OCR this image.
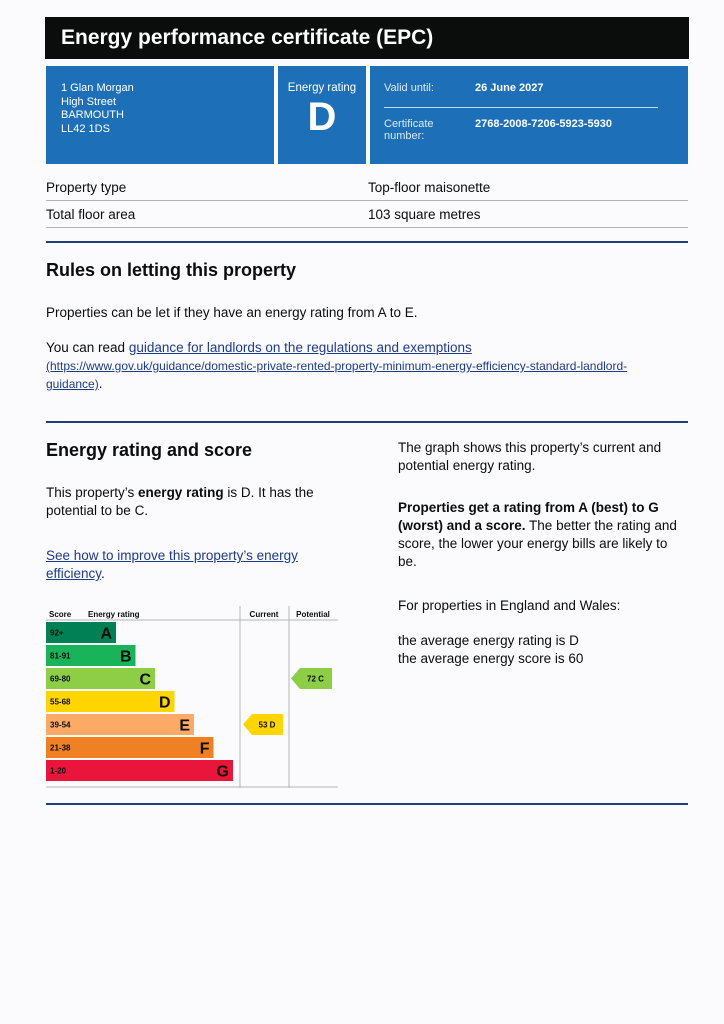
Energy performance certificate (EPC)
1 Glan Morgan
High Street
BARMOUTH
LL42 1DS
Energy rating
D
Valid until:	26 June 2027
Certificate number:
2768-2008-7206-5923-5930
Property type	Top-floor maisonette
Total floor area	103 square metres
Rules on letting this property
Properties can be let if they have an energy rating from A to E.
You can read guidance for landlords on the regulations and exemptions (https://www.gov.uk/guidance/domestic-private-rented-property-minimum-energy-efficiency-standard-landlord-guidance).
Energy rating and score
This property’s energy rating is D. It has the potential to be C.
See how to improve this property’s energy efficiency.
Score Energy rating	Current Potential
92+ A
81-91	B
69-80	C
55-68	D
39-54	E
21-38	F
1-20	G
53 D
72 C
The graph shows this property’s current and potential energy rating.
Properties get a rating from A (best) to G (worst) and a score. The better the rating and score, the lower your energy bills are likely to be.
For properties in England and Wales:
the average energy rating is D
the average energy score is 60
